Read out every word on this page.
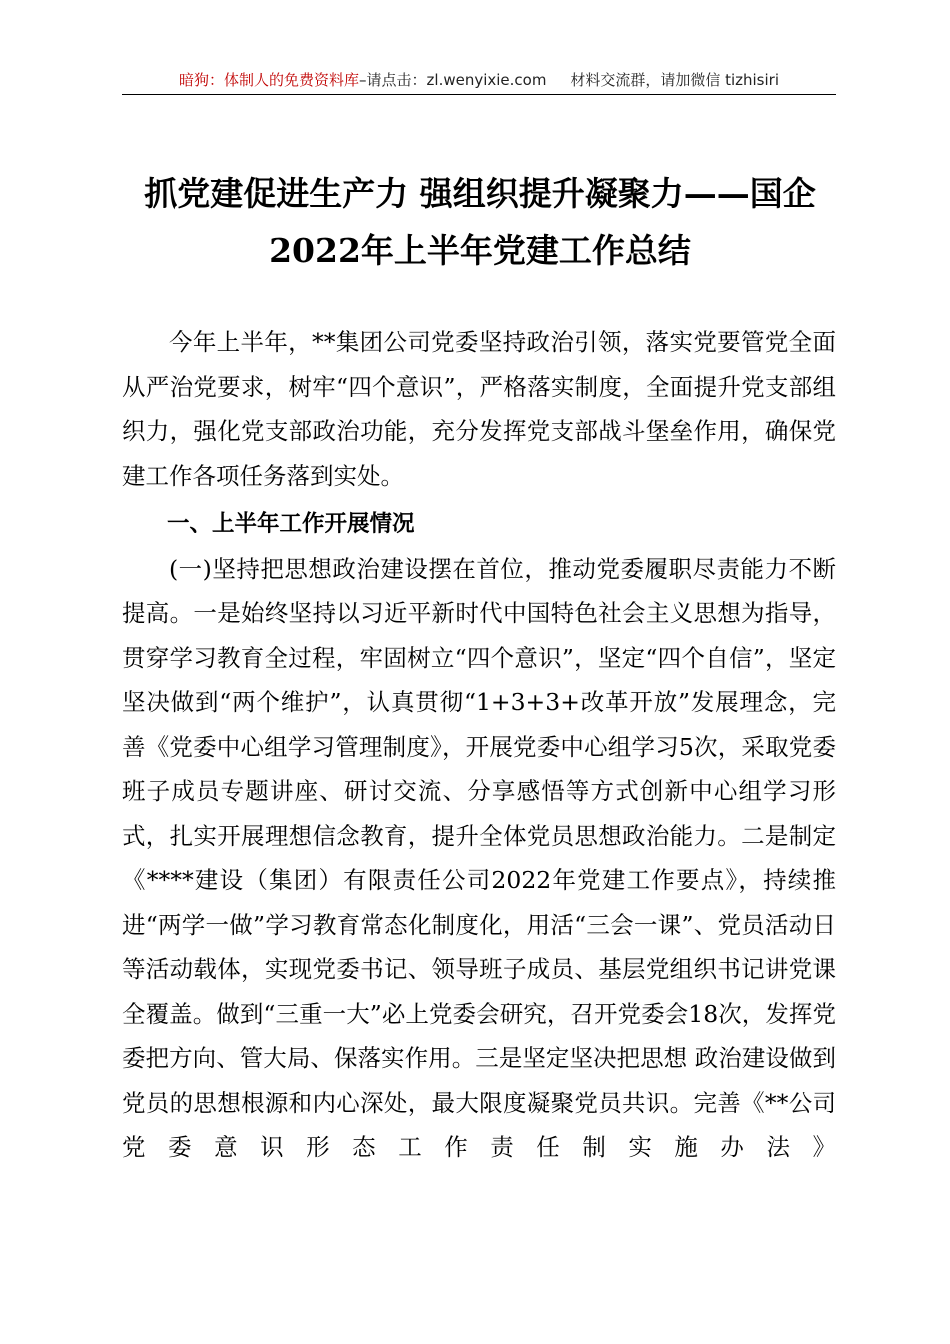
暗狗：体制人的免费资料库–请点击：zl.wenyixie.com 材料交流群，请加微信 tizhisiri
抓党建促进生产力 强组织提升凝聚力——国企
2022年上半年党建工作总结

今年上半年，**集团公司党委坚持政治引领，落实党要管党全面从严治党要求，树牢“四个意识”，严格落实制度，全面提升党支部组织力，强化党支部政治功能，充分发挥党支部战斗堡垒作用，确保党建工作各项任务落到实处。

一、上半年工作开展情况

(一)坚持把思想政治建设摆在首位，推动党委履职尽责能力不断提高。一是始终坚持以习近平新时代中国特色社会主义思想为指导，贯穿学习教育全过程，牢固树立“四个意识”，坚定“四个自信”，坚定坚决做到“两个维护”，认真贯彻“1+3+3+改革开放”发展理念，完善《党委中心组学习管理制度》，开展党委中心组学习5次，采取党委班子成员专题讲座、研讨交流、分享感悟等方式创新中心组学习形式，扎实开展理想信念教育，提升全体党员思想政治能力。二是制定《****建设（集团）有限责任公司2022年党建工作要点》，持续推进“两学一做”学习教育常态化制度化，用活“三会一课”、党员活动日等活动载体，实现党委书记、领导班子成员、基层党组织书记讲党课全覆盖。做到“三重一大”必上党委会研究，召开党委会18次，发挥党委把方向、管大局、保落实作用。三是坚定坚决把思想 政治建设做到党员的思想根源和内心深处，最大限度凝聚党员共识。完善《**公司党委意识形态工作责任制实施办法》
